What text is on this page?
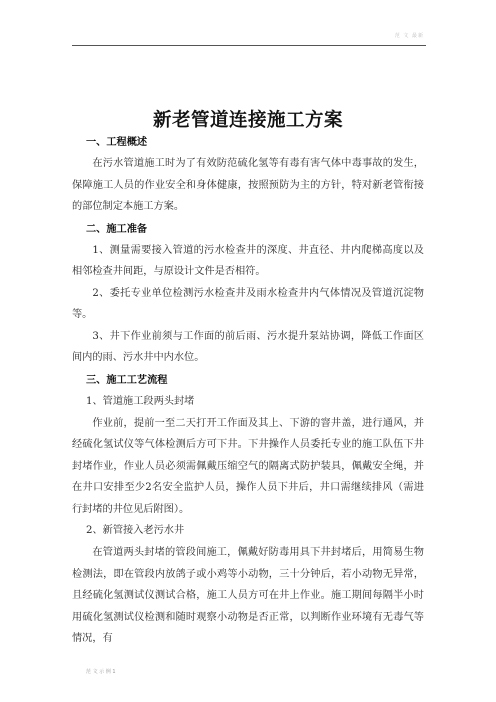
范 文 最新
新老管道连接施工方案
一、工程概述
在污水管道施工时为了有效防范硫化氢等有毒有害气体中毒事故的发生，保障施工人员的作业安全和身体健康，按照预防为主的方针，特对新老管衔接的部位制定本施工方案。
二、施工准备
1、测量需要接入管道的污水检查井的深度、井直径、井内爬梯高度以及相邻检查井间距，与原设计文件是否相符。
2、委托专业单位检测污水检查井及雨水检查井内气体情况及管道沉淀物等。
3、井下作业前须与工作面的前后雨、污水提升泵站协调，降低工作面区间内的雨、污水井中内水位。
三、施工工艺流程
1、管道施工段两头封堵
作业前，提前一至二天打开工作面及其上、下游的窨井盖，进行通风，并经硫化氢试仪等气体检测后方可下井。下井操作人员委托专业的施工队伍下井封堵作业，作业人员必须需佩戴压缩空气的隔离式防护装具，佩戴安全绳，并在井口安排至少2名安全监护人员，操作人员下井后，井口需继续排风（需进行封堵的井位见后附图）。
2、新管接入老污水井
在管道两头封堵的管段间施工，佩戴好防毒用具下井封堵后，用简易生物检测法，即在管段内放鸽子或小鸡等小动物，三十分钟后，若小动物无异常，且经硫化氢测试仪测试合格，施工人员方可在井上作业。施工期间每隔半小时用硫化氢测试仪检测和随时观察小动物是否正常，以判断作业环境有无毒气等情况，有
范 文 示 例 1
